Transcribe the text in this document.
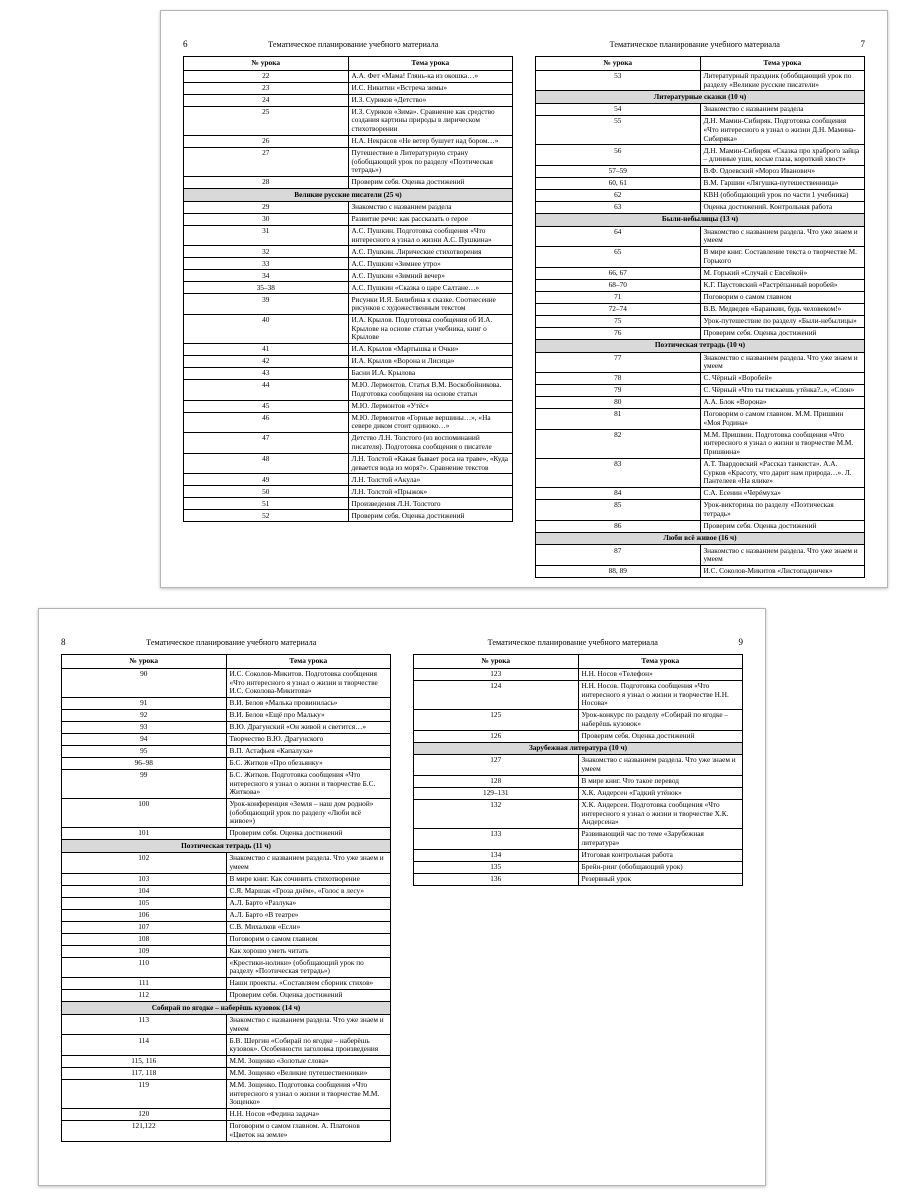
6	Тематическое планирование учебного материала
№ урока	Тема урока
22	А.А. Фет «Мама! Глянь-ка из окошка…»
23	И.С. Никитин «Встреча зимы»
24	И.З. Суриков «Детство»
25	И.З. Суриков «Зима». Сравнение как средство создания картины природы в лирическом стихотворении
26	Н.А. Некрасов «Не ветер бушует над бором…»
27	Путешествие в Литературную страну (обобщающий урок по разделу «Поэтическая тетрадь»)
28	Проверим себя. Оценка достижений
Великие русские писатели (25 ч)	
29	Знакомство с названием раздела
30	Развитие речи: как рассказать о герое
31	А.С. Пушкин. Подготовка сообщения «Что интересного я узнал о жизни А.С. Пушкина»
32	А.С. Пушкин. Лирические стихотворения
33	А.С. Пушкин «Зимнее утро»
34	А.С. Пушкин «Зимний вечер»
35–38	А.С. Пушкин «Сказка о царе Салтане…»
39	Рисунки И.Я. Билибина к сказке. Соотнесение рисунков с художественным текстом
40	И.А. Крылов. Подготовка сообщения об И.А. Крылове на основе статьи учебника, книг о Крылове
41	И.А. Крылов «Мартышка и Очки»
42	И.А. Крылов «Ворона и Лисица»
43	Басни И.А. Крылова
44	М.Ю. Лермонтов. Статья В.М. Воскобойникова. Подготовка сообщения на основе статьи
45	М.Ю. Лермонтов «Утёс»
46	М.Ю. Лермонтов «Горные вершины…», «На севере диком стоит одиноко…»
47	Детство Л.Н. Толстого (из воспоминаний писателя). Подготовка сообщения о писателе
48	Л.Н. Толстой «Какая бывает роса на траве», «Куда девается вода из моря?». Сравнение текстов
49	Л.Н. Толстой «Акула»
50	Л.Н. Толстой «Прыжок»
51	Произведения Л.Н. Толстого
52	Проверим себя. Оценка достижений
Тематическое планирование учебного материала	7
№ урока	Тема урока
53	Литературный праздник (обобщающий урок по разделу «Великие русские писатели»
Литературные сказки (10 ч)	
54	Знакомство с названием раздела
55	Д.Н. Мамин-Сибиряк. Подготовка сообщения «Что интересного я узнал о жизни Д.Н. Мамина-Сибиряка»
56	Д.Н. Мамин-Сибиряк «Сказка про храброго зайца – длинные уши, косые глаза, короткий хвост»
57–59	В.Ф. Одоевский «Мороз Иванович»
60, 61	В.М. Гаршин «Лягушка-путешественница»
62	КВН (обобщающий урок по части 1 учебника)
63	Оценка достижений. Контрольная работа
Были-небылицы (13 ч)	
64	Знакомство с названием раздела. Что уже знаем и умеем
65	В мире книг. Составление текста о творчестве М. Горького
66, 67	М. Горький «Случай с Евсейкой»
68–70	К.Г. Паустовский «Растрёпанный воробей»
71	Поговорим о самом главном
72–74	В.В. Медведев «Баранкин, будь человеком!»
75	Урок-путешествие по разделу «Были-небылицы»
76	Проверим себя. Оценка достижений
Поэтическая тетрадь (10 ч)	
77	Знакомство с названием раздела. Что уже знаем и умеем
78	С. Чёрный «Воробей»
79	С. Чёрный «Что ты тискаешь утёнка?..», «Слон»
80	А.А. Блок «Ворона»
81	Поговорим о самом главном. М.М. Пришвин «Моя Родина»
82	М.М. Пришвин. Подготовка сообщения «Что интересного я узнал о жизни и творчестве М.М. Пришвина»
83	А.Т. Твардовский «Рассказ танкиста». А.А. Сурков «Красоту, что дарит нам природа…». Л. Пантелеев «На ялике»
84	С.А. Есенин «Черёмуха»
85	Урок-викторина по разделу «Поэтическая тетрадь»
86	Проверим себя. Оценка достижений
Люби всё живое (16 ч)	
87	Знакомство с названием раздела. Что уже знаем и умеем
88, 89	И.С. Соколов-Микитов «Листопадничек»
8	Тематическое планирование учебного материала
№ урока	Тема урока
90	И.С. Соколов-Микитов. Подготовка сообщения «Что интересного я узнал о жизни и творчестве И.С. Соколова-Микитова»
91	В.И. Белов «Малька провинилась»
92	В.И. Белов «Ещё про Мальку»
93	В.Ю. Драгунский «Он живой и светится…»
94	Творчество В.Ю. Драгунского
95	В.П. Астафьев «Капалуха»
96–98	Б.С. Житков «Про обезьянку»
99	Б.С. Житков. Подготовка сообщения «Что интересного я узнал о жизни и творчестве Б.С. Житкова»
100	Урок-конференция «Земля – наш дом родной» (обобщающий урок по разделу «Люби всё живое»)
101	Проверим себя. Оценка достижений
Поэтическая тетрадь (11 ч)	
102	Знакомство с названием раздела. Что уже знаем и умеем
103	В мире книг. Как сочинить стихотворение
104	С.Я. Маршак «Гроза днём», «Голос в лесу»
105	А.Л. Барто «Разлука»
106	А.Л. Барто «В театре»
107	С.В. Михалков «Если»
108	Поговорим о самом главном
109	Как хорошо уметь читать
110	«Крестики-нолики» (обобщающий урок по разделу «Поэтическая тетрадь»)
111	Наши проекты. «Составляем сборник стихов»
112	Проверим себя. Оценка достижений
Собирай по ягодке – наберёшь кузовок (14 ч)	
113	Знакомство с названием раздела. Что уже знаем и умеем
114	Б.В. Шергин «Собирай по ягодке – наберёшь кузовок». Особенности заголовка произведения
115, 116	М.М. Зощенко «Золотые слова»
117, 118	М.М. Зощенко «Великие путешественники»
119	М.М. Зощенко. Подготовка сообщения «Что интересного я узнал о жизни и творчестве М.М. Зощенко»
120	Н.Н. Носов «Федина задача»
121,122	Поговорим о самом главном. А. Платонов «Цветок на земле»
Тематическое планирование учебного материала	9
№ урока	Тема урока
123	Н.Н. Носов «Телефон»
124	Н.Н. Носов. Подготовка сообщения «Что интересного я узнал о жизни и творчестве Н.Н. Носова»
125	Урок-конкурс по разделу «Собирай по ягодке – наберёшь кузовок»
126	Проверим себя. Оценка достижений
Зарубежная литература (10 ч)	
127	Знакомство с названием раздела. Что уже знаем и умеем
128	В мире книг. Что такое перевод
129–131	Х.К. Андерсен «Гадкий утёнок»
132	Х.К. Андерсен. Подготовка сообщения «Что интересного я узнал о жизни и творчестве Х.К. Андерсена»
133	Развивающий час по теме «Зарубежная литература»
134	Итоговая контрольная работа
135	Брейн-ринг (обобщающий урок)
136	Резервный урок
